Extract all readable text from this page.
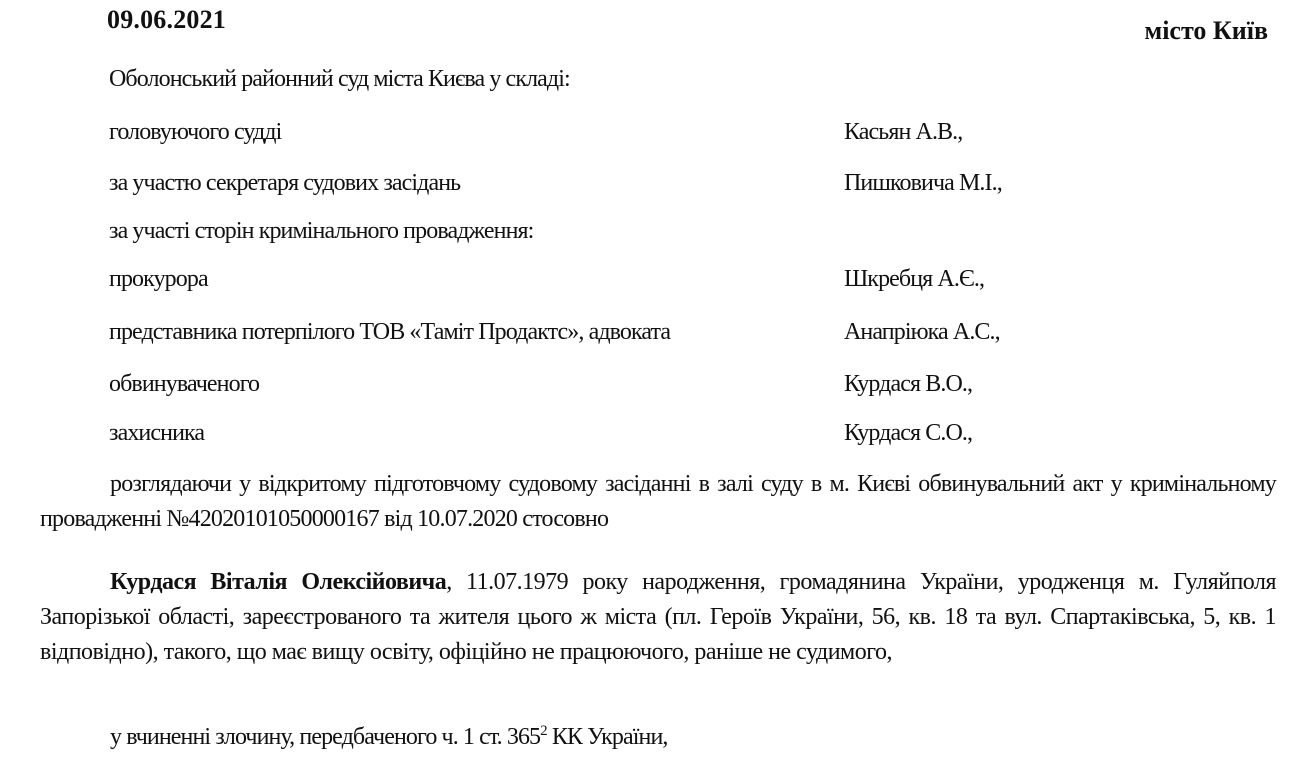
09.06.2021	місто Київ
Оболонський районний суд міста Києва у складі:
головуючого судді	Касьян А.В.,
за участю секретаря судових засідань	Пишковича М.І.,
за участі сторін кримінального провадження:
прокурора	Шкребця А.Є.,
представника потерпілого ТОВ «Таміт Продактс», адвоката	Анапріюка А.С.,
обвинуваченого	Курдася В.О.,
захисника	Курдася С.О.,
розглядаючи у відкритому підготовчому судовому засіданні в залі суду в м. Києві обвинувальний акт у кримінальному провадженні №42020101050000167 від 10.07.2020 стосовно
Курдася Віталія Олексійовича, 11.07.1979 року народження, громадянина України, уродженця м. Гуляйполя Запорізької області, зареєстрованого та жителя цього ж міста (пл. Героїв України, 56, кв. 18 та вул. Спартаківська, 5, кв. 1 відповідно), такого, що має вищу освіту, офіційно не працюючого, раніше не судимого,
у вчиненні злочину, передбаченого ч. 1 ст. $365^2$ КК України,
